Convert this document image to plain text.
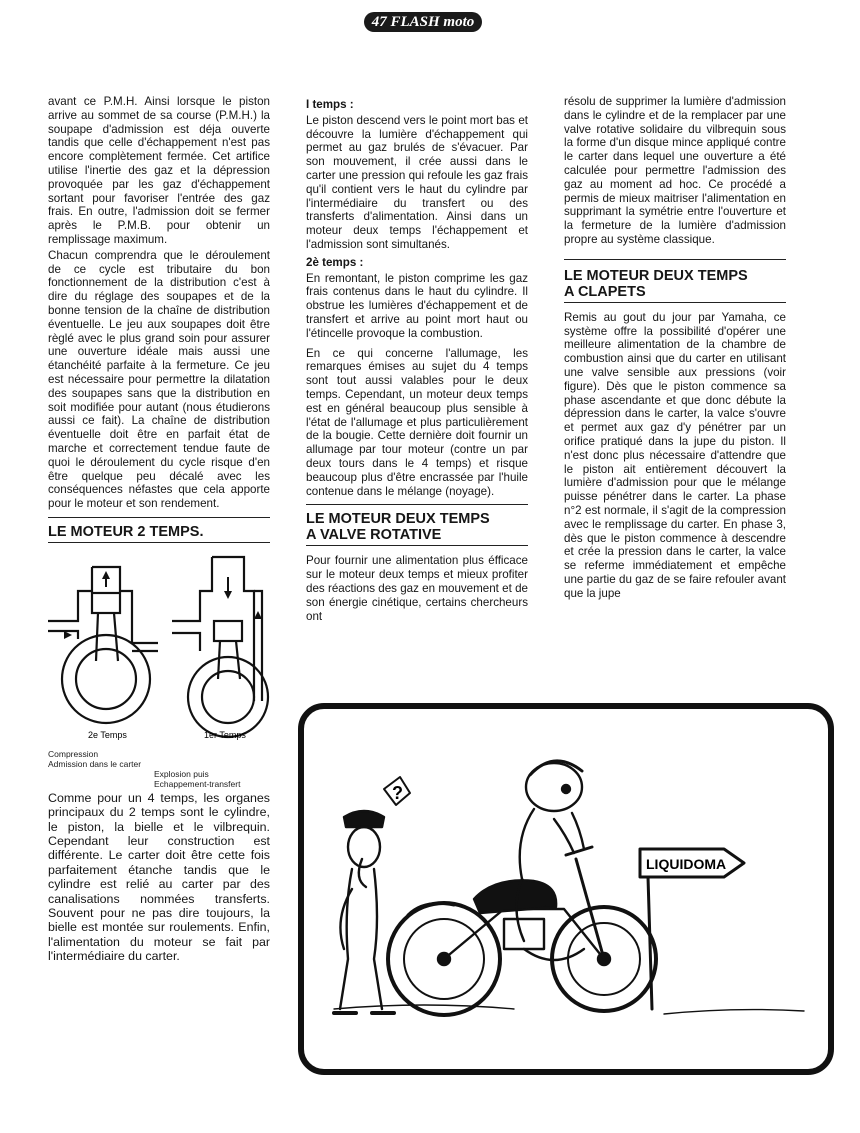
47 FLASH moto

avant ce P.M.H. Ainsi lorsque le piston arrive au sommet de sa course (P.M.H.) la soupape d'admission est déja ouverte tandis que celle d'échappement n'est pas encore complètement fermée. Cet artifice utilise l'inertie des gaz et la dépression provoquée par les gaz d'échappement sortant pour favoriser l'entrée des gaz frais. En outre, l'admission doit se fermer après le P.M.B. pour obtenir un remplissage maximum.

Chacun comprendra que le déroulement de ce cycle est tributaire du bon fonctionnement de la distribution c'est à dire du réglage des soupapes et de la bonne tension de la chaîne de distribution éventuelle. Le jeu aux soupapes doit être règlé avec le plus grand soin pour assurer une ouverture idéale mais aussi une étanchéité parfaite à la fermeture. Ce jeu est nécessaire pour permettre la dilatation des soupapes sans que la distribution en soit modifiée pour autant (nous étudierons aussi ce fait). La chaîne de distribution éventuelle doit être en parfait état de marche et correctement tendue faute de quoi le déroulement du cycle risque d'en être quelque peu décalé avec les conséquences néfastes que cela apporte pour le moteur et son rendement.

LE MOTEUR 2 TEMPS.
2e Temps	1er Temps
Compression
Admission dans le carter
Explosion puis
Echappement-transfert

Comme pour un 4 temps, les organes principaux du 2 temps sont le cylindre, le piston, la bielle et le vilbrequin. Cependant leur construction est différente. Le carter doit être cette fois parfaitement étanche tandis que le cylindre est relié au carter par des canalisations nommées transferts. Souvent pour ne pas dire toujours, la bielle est montée sur roulements. Enfin, l'alimentation du moteur se fait par l'intermédiaire du carter.

I temps :

Le piston descend vers le point mort bas et découvre la lumière d'échappement qui permet au gaz brulés de s'évacuer. Par son mouvement, il crée aussi dans le carter une pression qui refoule les gaz frais qu'il contient vers le haut du cylindre par l'intermédiaire du transfert ou des transferts d'alimentation. Ainsi dans un moteur deux temps l'échappement et l'admission sont simultanés.

2è temps :

En remontant, le piston comprime les gaz frais contenus dans le haut du cylindre. Il obstrue les lumières d'échappement et de transfert et arrive au point mort haut ou l'étincelle provoque la combustion.

En ce qui concerne l'allumage, les remarques émises au sujet du 4 temps sont tout aussi valables pour le deux temps. Cependant, un moteur deux temps est en général beaucoup plus sensible à l'état de l'allumage et plus particulièrement de la bougie. Cette dernière doit fournir un allumage par tour moteur (contre un par deux tours dans le 4 temps) et risque beaucoup plus d'être encrassée par l'huile contenue dans le mélange (noyage).

LE MOTEUR DEUX TEMPS
A VALVE ROTATIVE

Pour fournir une alimentation plus éfficace sur le moteur deux temps et mieux profiter des réactions des gaz en mouvement et de son énergie cinétique, certains chercheurs ont

résolu de supprimer la lumière d'admission dans le cylindre et de la remplacer par une valve rotative solidaire du vilbrequin sous la forme d'un disque mince appliqué contre le carter dans lequel une ouverture a été calculée pour permettre l'admission des gaz au moment ad hoc. Ce procédé a permis de mieux maitriser l'alimentation en supprimant la symétrie entre l'ouverture et la fermeture de la lumière d'admission propre au système classique.

LE MOTEUR DEUX TEMPS
A CLAPETS

Remis au gout du jour par Yamaha, ce système offre la possibilité d'opérer une meilleure alimentation de la chambre de combustion ainsi que du carter en utilisant une valve sensible aux pressions (voir figure). Dès que le piston commence sa phase ascendante et que donc débute la dépression dans le carter, la valce s'ouvre et permet aux gaz d'y pénétrer par un orifice pratiqué dans la jupe du piston. Il n'est donc plus nécessaire d'attendre que le piston ait entièrement découvert la lumière d'admission pour que le mélange puisse pénétrer dans le carter. La phase n°2 est normale, il s'agit de la compression avec le remplissage du carter. En phase 3, dès que le piston commence à descendre et crée la pression dans le carter, la valce se referme immédiatement et empêche une partie du gaz de se faire refouler avant que la jupe

?
LIQUIDOMA
